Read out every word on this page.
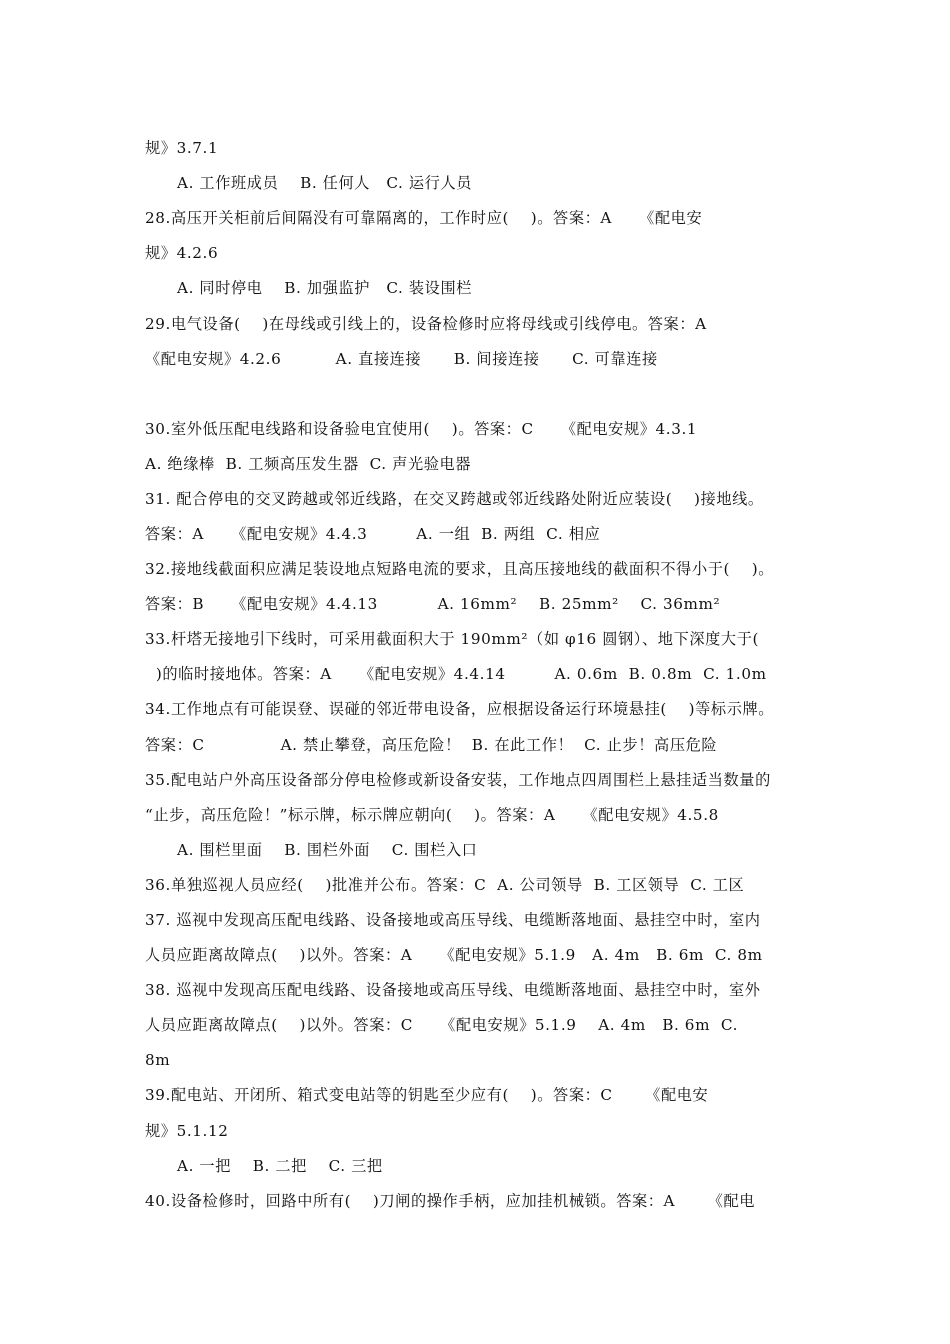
规》3.7.1
A. 工作班成员    B. 任何人   C. 运行人员
28.高压开关柜前后间隔没有可靠隔离的，工作时应(    )。答案：A     《配电安
规》4.2.6
A. 同时停电    B. 加强监护   C. 装设围栏
29.电气设备(    )在母线或引线上的，设备检修时应将母线或引线停电。答案：A
《配电安规》4.2.6          A. 直接连接      B. 间接连接      C. 可靠连接
30.室外低压配电线路和设备验电宜使用(    )。答案：C     《配电安规》4.3.1
A. 绝缘棒  B. 工频高压发生器  C. 声光验电器
31. 配合停电的交叉跨越或邻近线路，在交叉跨越或邻近线路处附近应装设(    )接地线。
答案：A     《配电安规》4.4.3         A. 一组  B. 两组  C. 相应
32.接地线截面积应满足装设地点短路电流的要求，且高压接地线的截面积不得小于(    )。
答案：B     《配电安规》4.4.13           A. 16mm²    B. 25mm²    C. 36mm²
33.杆塔无接地引下线时，可采用截面积大于 190mm²（如 φ16 圆钢）、地下深度大于(
)的临时接地体。答案：A     《配电安规》4.4.14         A. 0.6m  B. 0.8m  C. 1.0m
34.工作地点有可能误登、误碰的邻近带电设备，应根据设备运行环境悬挂(    )等标示牌。
答案：C              A. 禁止攀登，高压危险！  B. 在此工作！  C. 止步！高压危险
35.配电站户外高压设备部分停电检修或新设备安装，工作地点四周围栏上悬挂适当数量的
“止步，高压危险！”标示牌，标示牌应朝向(    )。答案：A     《配电安规》4.5.8
A. 围栏里面    B. 围栏外面    C. 围栏入口
36.单独巡视人员应经(    )批准并公布。答案：C  A. 公司领导  B. 工区领导  C. 工区
37. 巡视中发现高压配电线路、设备接地或高压导线、电缆断落地面、悬挂空中时，室内
人员应距离故障点(    )以外。答案：A     《配电安规》5.1.9   A. 4m   B. 6m  C. 8m
38. 巡视中发现高压配电线路、设备接地或高压导线、电缆断落地面、悬挂空中时，室外
人员应距离故障点(    )以外。答案：C     《配电安规》5.1.9    A. 4m   B. 6m  C.
8m
39.配电站、开闭所、箱式变电站等的钥匙至少应有(    )。答案：C      《配电安
规》5.1.12
A. 一把    B. 二把    C. 三把
40.设备检修时，回路中所有(    )刀闸的操作手柄，应加挂机械锁。答案：A      《配电
